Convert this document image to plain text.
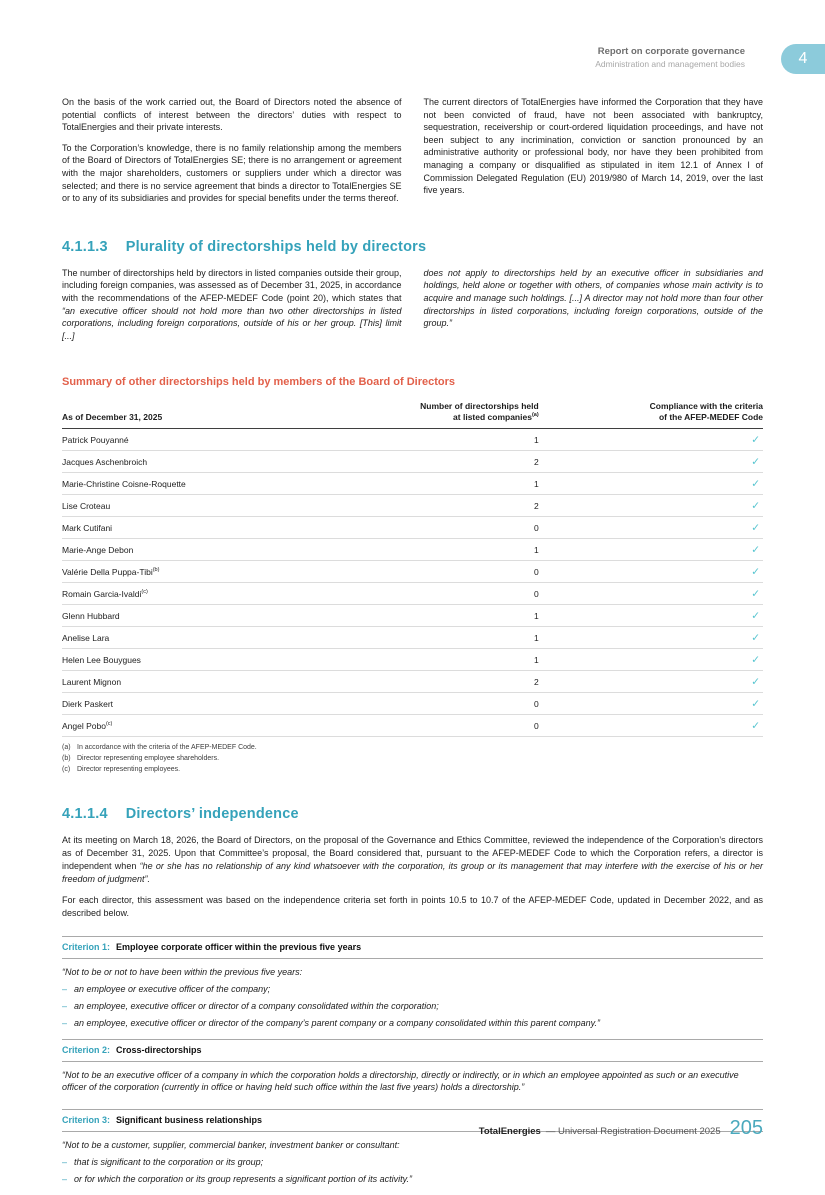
Report on corporate governance
Administration and management bodies	4

On the basis of the work carried out, the Board of Directors noted the absence of potential conflicts of interest between the directors’ duties with respect to TotalEnergies and their private interests.

To the Corporation’s knowledge, there is no family relationship among the members of the Board of Directors of TotalEnergies SE; there is no arrangement or agreement with the major shareholders, customers or suppliers under which a director was selected; and there is no service agreement that binds a director to TotalEnergies SE or to any of its subsidiaries and provides for special benefits under the terms thereof.

The current directors of TotalEnergies have informed the Corporation that they have not been convicted of fraud, have not been associated with bankruptcy, sequestration, receivership or court-ordered liquidation proceedings, and have not been subject to any incrimination, conviction or sanction pronounced by an administrative authority or professional body, nor have they been prohibited from managing a company or disqualified as stipulated in item 12.1 of Annex I of Commission Delegated Regulation (EU) 2019/980 of March 14, 2019, over the last five years.

4.1.1.3 Plurality of directorships held by directors

The number of directorships held by directors in listed companies outside their group, including foreign companies, was assessed as of December 31, 2025, in accordance with the recommendations of the AFEP-MEDEF Code (point 20), which states that “an executive officer should not hold more than two other directorships in listed corporations, including foreign corporations, outside of his or her group. [This] limit [...]

does not apply to directorships held by an executive officer in subsidiaries and holdings, held alone or together with others, of companies whose main activity is to acquire and manage such holdings. [...] A director may not hold more than four other directorships in listed corporations, including foreign corporations, outside of the group.”

Summary of other directorships held by members of the Board of Directors
As of December 31, 2025	
Number of directorships held
at listed companies$^{(a)}$

Compliance with the criteria
of the AFEP-MEDEF Code

Patrick Pouyanné	1	✓
Jacques Aschenbroich	2	✓
Marie-Christine Coisne-Roquette	1	✓
Lise Croteau	2	✓
Mark Cutifani	0	✓
Marie-Ange Debon	1	✓
Valérie Della Puppa-Tibi$^{(b)}$	0	✓
Romain Garcia-Ivaldi$^{(c)}$	0	✓
Glenn Hubbard	1	✓
Anelise Lara	1	✓
Helen Lee Bouygues	1	✓
Laurent Mignon	2	✓
Dierk Paskert	0	✓
Angel Pobo$^{(c)}$	0	✓
(a) In accordance with the criteria of the AFEP-MEDEF Code.
(b) Director representing employee shareholders.
(c) Director representing employees.
4.1.1.4 Directors’ independence

At its meeting on March 18, 2026, the Board of Directors, on the proposal of the Governance and Ethics Committee, reviewed the independence of the Corporation’s directors as of December 31, 2025. Upon that Committee’s proposal, the Board considered that, pursuant to the AFEP-MEDEF Code to which the Corporation refers, a director is independent when “he or she has no relationship of any kind whatsoever with the corporation, its group or its management that may interfere with the exercise of his or her freedom of judgment”.

For each director, this assessment was based on the independence criteria set forth in points 10.5 to 10.7 of the AFEP-MEDEF Code, updated in December 2022, and as described below.

Criterion 1: Employee corporate officer within the previous five years

“Not to be or not to have been within the previous five years:

– an employee or executive officer of the company;
– an employee, executive officer or director of a company consolidated within the corporation;
– an employee, executive officer or director of the company’s parent company or a company consolidated within this parent company.”
Criterion 2: Cross-directorships

“Not to be an executive officer of a company in which the corporation holds a directorship, directly or indirectly, or in which an employee appointed as such or an executive officer of the corporation (currently in office or having held such office within the last five years) holds a directorship.”

Criterion 3: Significant business relationships

“Not to be a customer, supplier, commercial banker, investment banker or consultant:

– that is significant to the corporation or its group;
– or for which the corporation or its group represents a significant portion of its activity.”
TotalEnergies — Universal Registration Document 2025 205
